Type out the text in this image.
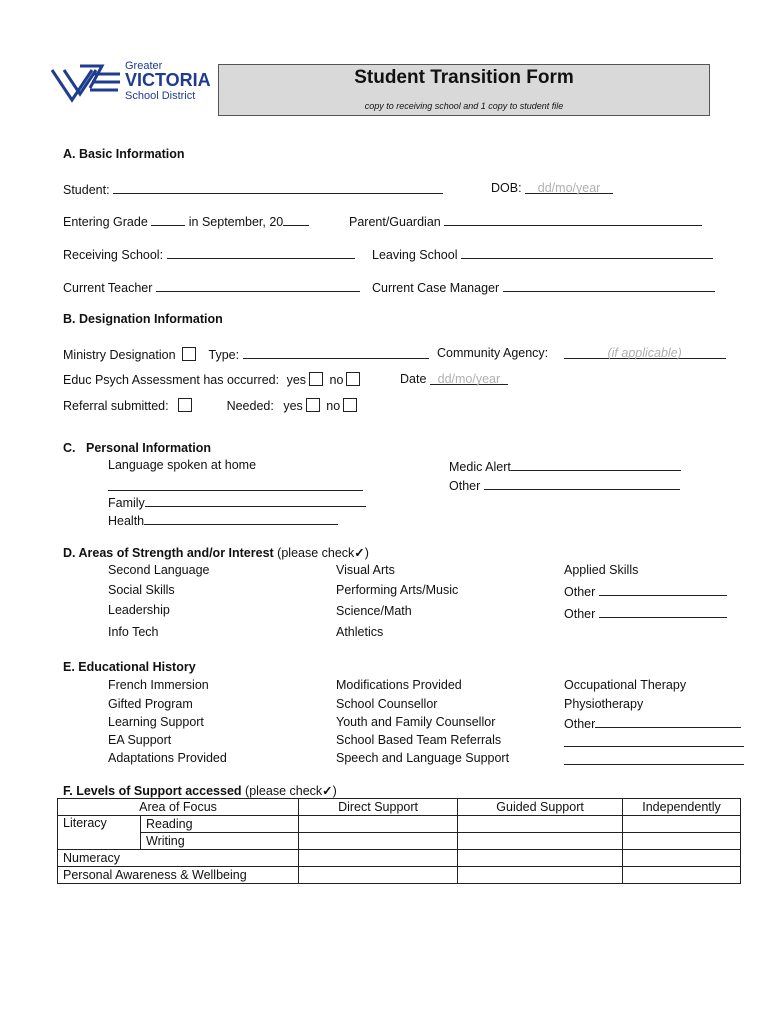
Greater
VICTORIA
School District
Student Transition Form
copy to receiving school and 1 copy to student file
A. Basic Information
Student:	DOB: dd/mo/year
Entering Grade	in September, 20	Parent/Guardian
Receiving School:	Leaving School
Current Teacher	Current Case Manager
B. Designation Information
Ministry Designation	Type:	Community Agency:	(if applicable)
Educ Psych Assessment has occurred: yes no	Date dd/mo/year
Referral submitted:	Needed: yes no
C. Personal Information
Language spoken at home
Family
Health
Medic Alert
Other
D. Areas of Strength and/or Interest (please check✓)
Second Language
Social Skills
Leadership
Info Tech
Visual Arts
Performing Arts/Music
Science/Math
Athletics
Applied Skills
Other
Other
E. Educational History
French Immersion
Gifted Program
Learning Support
EA Support
Adaptations Provided
Modifications Provided
School Counsellor
Youth and Family Counsellor
School Based Team Referrals
Speech and Language Support
Occupational Therapy
Physiotherapy
Other
F. Levels of Support accessed (please check✓)
Area of Focus		Direct Support	Guided Support	Independently
Literacy	Reading			
	Writing			
Numeracy				
Personal Awareness & Wellbeing				
